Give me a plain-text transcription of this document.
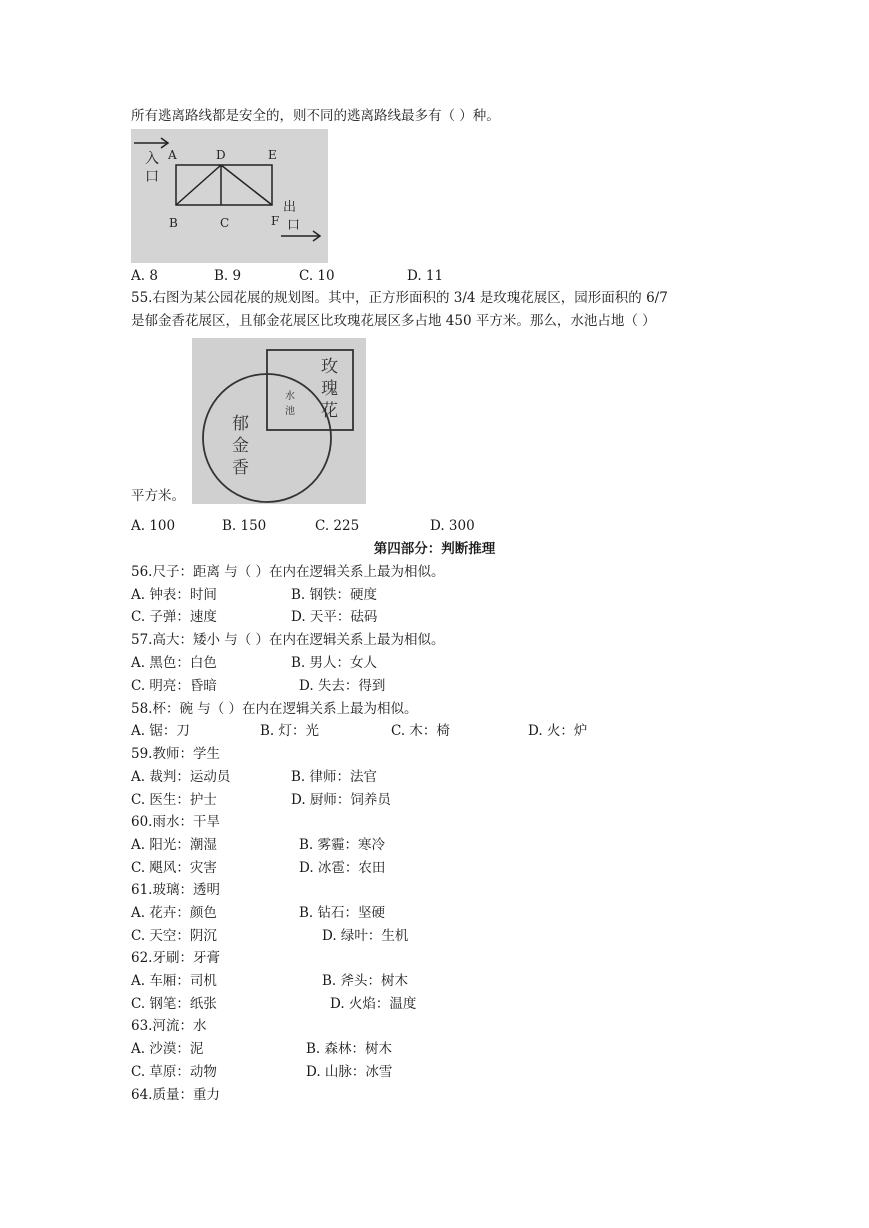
所有逃离路线都是安全的，则不同的逃离路线最多有（ ）种。
入
口
A	D	E
B	C	F
出
口
A. 8	B. 9	C. 10	D. 11
55.右图为某公园花展的规划图。其中，正方形面积的 3/4 是玫瑰花展区，园形面积的 6/7
是郁金香花展区，且郁金花展区比玫瑰花展区多占地 450 平方米。那么，水池占地（ ）
玫
瑰
花
水
池
郁
金
香
平方米。
A. 100	B. 150	C. 225	D. 300
第四部分：判断推理
56.尺子：距离 与（ ）在内在逻辑关系上最为相似。
A. 钟表：时间	B. 钢铁：硬度
C. 子弹：速度	D. 天平：砝码
57.高大：矮小 与（ ）在内在逻辑关系上最为相似。
A. 黑色：白色	B. 男人：女人
C. 明亮：昏暗	D. 失去：得到
58.杯：碗 与（ ）在内在逻辑关系上最为相似。
A. 锯：刀	B. 灯：光	C. 木：椅	D. 火：炉
59.教师：学生
A. 裁判：运动员	B. 律师：法官
C. 医生：护士	D. 厨师：饲养员
60.雨水：干旱
A. 阳光：潮湿	B. 雾霾：寒冷
C. 飓风：灾害	D. 冰雹：农田
61.玻璃：透明
A. 花卉：颜色	B. 钻石：坚硬
C. 天空：阴沉	D. 绿叶：生机
62.牙刷：牙膏
A. 车厢：司机	B. 斧头：树木
C. 钢笔：纸张	D. 火焰：温度
63.河流：水
A. 沙漠：泥	B. 森林：树木
C. 草原：动物	D. 山脉：冰雪
64.质量：重力
